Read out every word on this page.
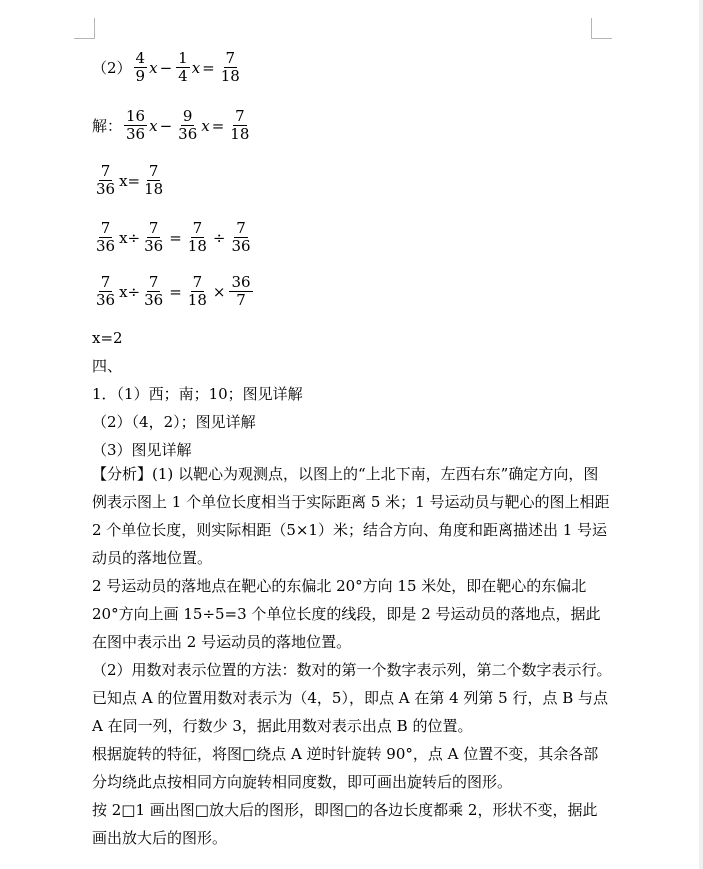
$(2) \frac{4}{9}$ $x - \frac{1}{4}$ $x = \frac{7}{18}$
解： $\frac{16}{36}$ $x - \frac{9}{36}$ $x = \frac{7}{18}$
$\frac{7}{36} x= \frac{7}{18}$
$\frac{7}{36} x\div \frac{7}{36} = \frac{7}{18} \div \frac{7}{36}$
$\frac{7}{36} x\div \frac{7}{36} = \frac{7}{18} \times \frac{36}{7}$
x=2
四、
1．（1）西；南；10；图见详解
（2）（4，2）；图见详解
（3）图见详解
【分析】(1) 以靶心为观测点，以图上的“上北下南，左西右东”确定方向，图例表示图上 1 个单位长度相当于实际距离 5 米；1 号运动员与靶心的图上相距 2 个单位长度，则实际相距（5×1）米；结合方向、角度和距离描述出 1 号运动员的落地位置。
2 号运动员的落地点在靶心的东偏北 20°方向 15 米处，即在靶心的东偏北 20°方向上画 15÷5=3 个单位长度的线段，即是 2 号运动员的落地点，据此在图中表示出 2 号运动员的落地位置。
（2）用数对表示位置的方法：数对的第一个数字表示列，第二个数字表示行。已知点 A 的位置用数对表示为（4，5），即点 A 在第 4 列第 5 行，点 B 与点 A 在同一列，行数少 3，据此用数对表示出点 B 的位置。
根据旋转的特征，将图□绕点 A 逆时针旋转 90°，点 A 位置不变，其余各部分均绕此点按相同方向旋转相同度数，即可画出旋转后的图形。
按 2□1 画出图□放大后的图形，即图□的各边长度都乘 2，形状不变，据此画出放大后的图形。
